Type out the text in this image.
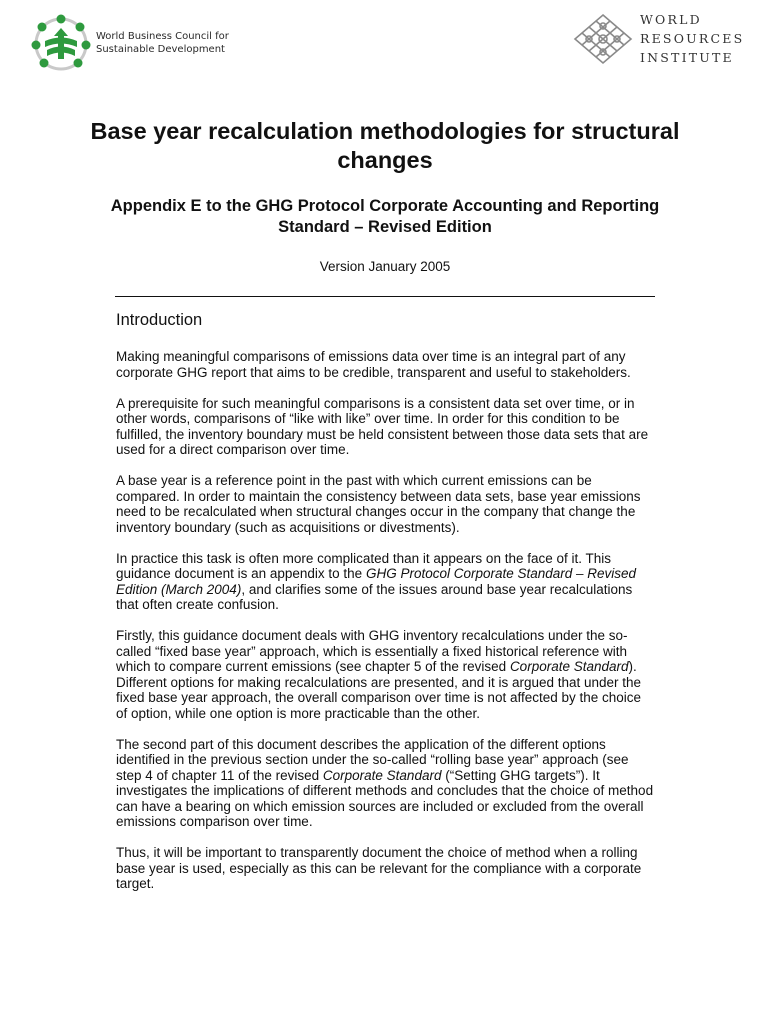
World Business Council for
Sustainable Development
WORLD
RESOURCES
INSTITUTE
Base year recalculation methodologies for structural changes
Appendix E to the GHG Protocol Corporate Accounting and Reporting Standard – Revised Edition

Version January 2005

Introduction

Making meaningful comparisons of emissions data over time is an integral part of any corporate GHG report that aims to be credible, transparent and useful to stakeholders.

A prerequisite for such meaningful comparisons is a consistent data set over time, or in other words, comparisons of “like with like” over time. In order for this condition to be fulfilled, the inventory boundary must be held consistent between those data sets that are used for a direct comparison over time.

A base year is a reference point in the past with which current emissions can be compared. In order to maintain the consistency between data sets, base year emissions need to be recalculated when structural changes occur in the company that change the inventory boundary (such as acquisitions or divestments).

In practice this task is often more complicated than it appears on the face of it. This guidance document is an appendix to the GHG Protocol Corporate Standard – Revised Edition (March 2004), and clarifies some of the issues around base year recalculations that often create confusion.

Firstly, this guidance document deals with GHG inventory recalculations under the so-called “fixed base year” approach, which is essentially a fixed historical reference with which to compare current emissions (see chapter 5 of the revised Corporate Standard). Different options for making recalculations are presented, and it is argued that under the fixed base year approach, the overall comparison over time is not affected by the choice of option, while one option is more practicable than the other.

The second part of this document describes the application of the different options identified in the previous section under the so-called “rolling base year” approach (see step 4 of chapter 11 of the revised Corporate Standard (“Setting GHG targets”). It investigates the implications of different methods and concludes that the choice of method can have a bearing on which emission sources are included or excluded from the overall emissions comparison over time.

Thus, it will be important to transparently document the choice of method when a rolling base year is used, especially as this can be relevant for the compliance with a corporate target.
